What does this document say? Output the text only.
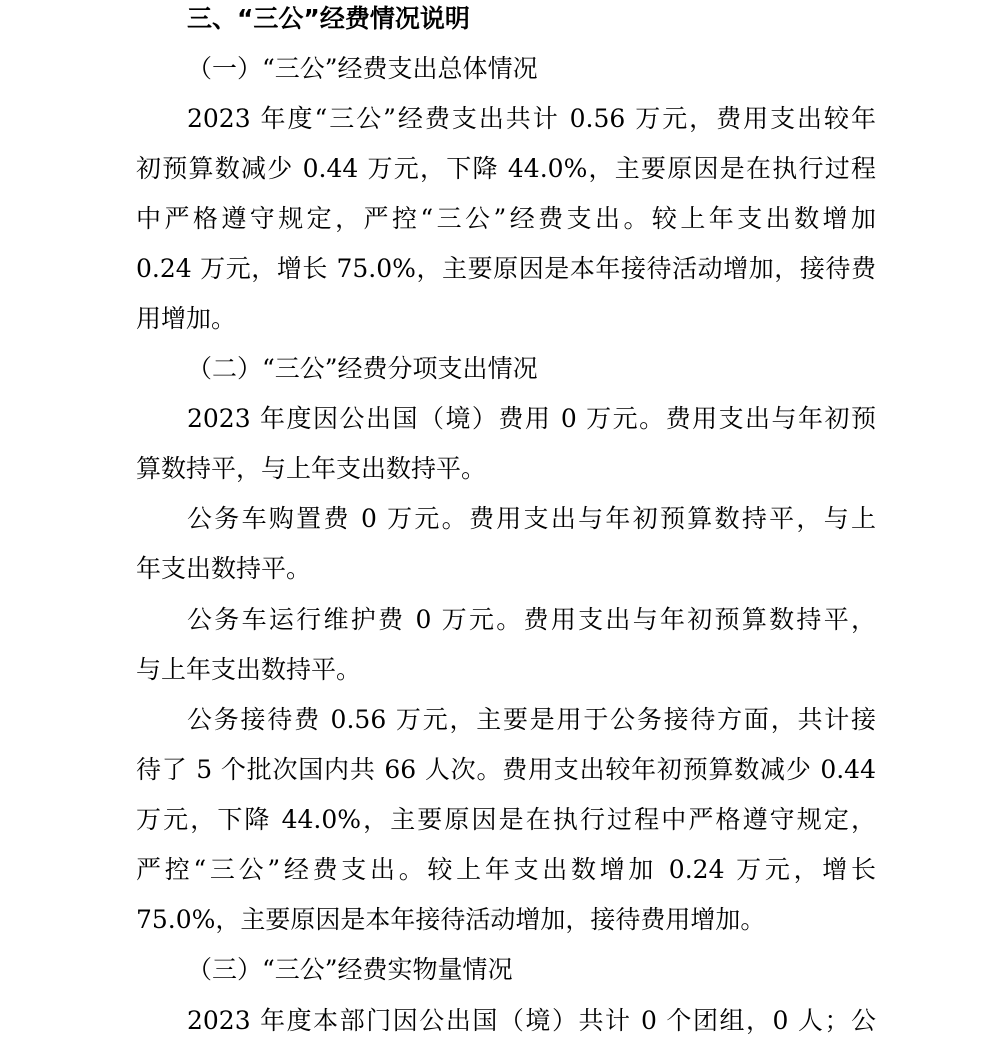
三、“三公”经费情况说明
（一）“三公”经费支出总体情况
2023 年度“三公”经费支出共计 0.56 万元，费用支出较年
初预算数减少 0.44 万元，下降 44.0%，主要原因是在执行过程
中严格遵守规定，严控“三公”经费支出。较上年支出数增加
0.24 万元，增长 75.0%，主要原因是本年接待活动增加，接待费
用增加。
（二）“三公”经费分项支出情况
2023 年度因公出国（境）费用 0 万元。费用支出与年初预
算数持平，与上年支出数持平。
公务车购置费 0 万元。费用支出与年初预算数持平，与上
年支出数持平。
公务车运行维护费 0 万元。费用支出与年初预算数持平，
与上年支出数持平。
公务接待费 0.56 万元，主要是用于公务接待方面，共计接
待了 5 个批次国内共 66 人次。费用支出较年初预算数减少 0.44
万元，下降 44.0%，主要原因是在执行过程中严格遵守规定，
严控“三公”经费支出。较上年支出数增加 0.24 万元，增长
75.0%，主要原因是本年接待活动增加，接待费用增加。
（三）“三公”经费实物量情况
2023 年度本部门因公出国（境）共计 0 个团组，0 人；公
